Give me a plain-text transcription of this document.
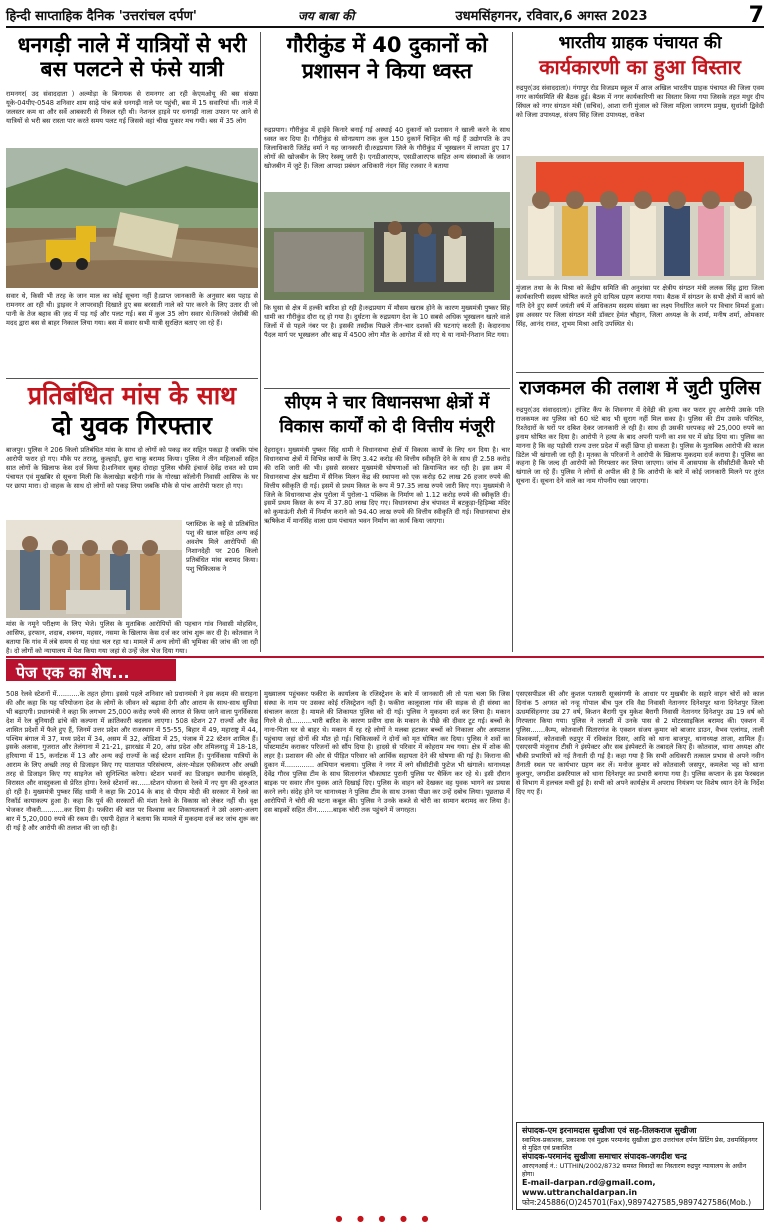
हिन्दी साप्ताहिक दैनिक 'उत्तरांचल दर्पण'	जय बाबा की	उधमसिंहगनर, रविवार,6 अगस्त 2023	7
धनगड़ी नाले में यात्रियों से भरी बस पलटने से फंसे यात्री
रामनगर( उद संवाददाता ) अल्मोड़ा के बिनायक से रामनगर आ रही केएमओयू की बस संख्या यूके-04पीए-0548 शनिवार शाम साढ़े पांच बजे धनगढ़ी नाले पर पहुंची, बस में 15 सवारियां थीं। नाले में जलस्तर कम था और सर्वे आबकारी से निकल रही थी। नेशनल हाइवे पर धनगढ़ी नाला उफान पर आने से यात्रियों से भरी बस रास्ता पार करते समय पलट गई जिससे वहां चीख पुकार मच गयी। बस में 35 लोग
सवार थे, किसी भी तरह के जान माल का कोई सूचना नहीं है।प्राप्त जानकारी के अनुसार बस पहाड़ से रामनगर आ रही थी। ड्राइवर ने लापरवाही दिखाते हुए बस बरसाती नाले को पार करने के लिए उतार दी जो पानी के तेज बहाव की ज़द में पड़ गई और पलट गई। बस में कुल 35 लोग सवार थे।जिनको जेसीबी की मदद द्वारा बस से बाहर निकाल लिया गया। बस में सवार सभी यात्री सुरक्षित बताए जा रहे हैं।
प्रतिबंधित मांस के साथ
दो युवक गिरफ्तार
बाजपुर। पुलिस ने 206 किलो प्रतिबंधित मांस के साथ दो लोगों को पकड़ कर सहित पकड़ा है जबकि पांच आरोपी फरार हो गए। मौके पर तराजू, कुल्हाड़ी, छुरा चाकू बरामद किया। पुलिस ने तीन महिलाओं सहित सात लोगों के खिलाफ केस दर्ज किया है।शनिवार सुबह दोराहा पुलिस चौकी इंचार्ज देवेंद्र रावत को ग्राम पंचायत एवं मुखबिर से सूचना मिली कि केलाखेड़ा बरहैनी गांव के गोरखा कॉलोनी निवासी आसिफ के घर पर छापा मारा। दो वाहक के साथ दो लोगों को पकड़ लिया जबकि मौके से पांच आरोपी फरार हो गए।
प्लास्टिक के कट्टे से प्रतिबंधित पशु की खाल सहित अन्य कई अवशेष मिले आरोपियों की निशानदेही पर 206 किलो प्रतिबंधित मांस बरामद किया। पशु चिकित्सक ने
मांस के नमूने परीक्षण के लिए भेजे। पुलिस के मुताबिक आरोपियों की पहचान गांव निवासी मोहसिन, आसिफ, इरफान, शदाब, शबनम, महसर, नसमा के खिलाफ केस दर्ज कर जांच शुरू कर दी है। कोतवाल ने बताया कि गांव में लंबे समय से यह धंधा चल रहा था। मामले में अन्य लोगों की भूमिका की जांच की जा रही है। दो लोगों को न्यायालय में पेश किया गया जहां से उन्हें जेल भेज दिया गया।
गौरीकुंड में 40 दुकानों को
प्रशासन ने किया ध्वस्त
रुद्रप्रयाग। गौरीकुंड में हाईवे किनारे बनाई गई अस्थाई 40 दुकानों को प्रशासन ने खाली करने के साथ ध्वस्त कर दिया है। गौरीकुंड से सोनप्रयाग तक कुल 150 दुकानें चिन्हित की गई हैं उद्योगपति के उप जिलाधिकारी जितेंद्र वर्मा ने यह जानकारी दी।रुद्रप्रयाग जिले के गौरीकुंड में भूस्खलन में लापता हुए 17 लोगों की खोजबीन के लिए रेस्क्यू जारी है। एनडीआरएफ, एसडीआरएफ सहित अन्य संस्थाओं के जवान खोजबीन में जुटे हैं। जिला आपदा प्रबंधन अधिकारी नंदन सिंह रजवार ने बताया
कि घुसा से क्षेत्र में हल्की बारिश हो रही है।रुद्रप्रयाग में मौसम खराब होने के कारण मुख्यमंत्री पुष्कर सिंह धामी का गौरीकुंड दौरा रद्द हो गया है। दुर्घटना के रुद्रप्रयाग देश के 10 सबसे अधिक भूस्खलन खतरे वाले जिलों में से पहले नंबर पर है। इसकी तस्दीक पिछले तीन-चार दशकों की घटनाएं करती हैं। केदारनाथ पैदल मार्ग पर भूस्खलन और बाढ़ में 4500 लोग मौत के आगोश में सो गए थे या नामो-निशान मिट गया।
सीएम ने चार विधानसभा क्षेत्रों में
विकास कार्यों को दी वित्तीय मंजूरी
देहरादून। मुख्यमंत्री पुष्कर सिंह धामी ने विधानसभा क्षेत्रों में विकास कार्यों के लिए धन दिया है। चार विधानसभा क्षेत्रों में विभिन्न कार्यों के लिए 3.42 करोड़ की वित्तीय स्वीकृति देने के साथ ही 2.58 करोड़ की राशि जारी की भी। इससे सरकार मुख्यमंत्री घोषणाओं को क्रियान्वित कर रही है। इस क्रम में विधानसभा क्षेत्र खटीमा में सैनिक मिलन केंद्र की स्थापना को एक करोड़ 62 लाख 26 हजार रुपये की वित्तीय स्वीकृति दी गई। इसमें से प्रथम किस्त के रूप में 97.35 लाख रुपये जारी किए गए। मुख्यमंत्री ने जिले के विधानसभा क्षेत्र पुरोला में पुरोला-1 पब्लिक के निर्माण को 1.12 करोड़ रुपये की स्वीकृति दी। इसमें प्रथम किस्त के रूप में 37.80 लाख दिए गए। विधानसभा क्षेत्र चंपावत में बटकुड़ा-हिड़िम्बा मंदिर को कुमाऊंनी शैली में निर्माण कराने को 94.40 लाख रुपये की वित्तीय स्वीकृति दी गई। विधानसभा क्षेत्र ऋषिकेश में मानसिंह वाला ग्राम पंचायत भवन निर्माण का कार्य किया जाएगा।
भारतीय ग्राहक पंचायत की
कार्यकारणी का हुआ विस्तार
रुद्रपुर(उद संवाददाता)। गंगापुर रोड विजडम स्कूल में आज अखिल भारतीय ग्राहक पंचायत की जिला एवम नगर कार्यसमिति की बैठक हुई। बैठक में नगर कार्यकारिणी का विस्तार किया गया जिसके तहत मधुर दीप सिंघल को नगर संगठन मंत्री (सचिव), आशा रानी मुंजाल को जिला महिला जागरण प्रमुख, सुधांशी द्विवेदी को जिला उपाध्यक्ष, संजय सिंह जिला उपाध्यक्ष, राकेश
मुंजाल तथा के के मिश्रा को केंद्रीय समिति की अनुशंसा पर क्षेत्रीय संगठन मंत्री ललक सिंह द्वारा जिला कार्यकारिणी सदस्य घोषित करते हुये दायित्व ग्रहण कराया गया। बैठक में संगठन के सभी क्षेत्रों में कार्य को गति देने हुए स्वर्ण जयंती वर्ष में अधिकतम सदस्य संख्या का लक्ष्य निर्धारित करने पर विचार विमर्श हुआ। इस अवसर पर जिला संगठन मंत्री डॉक्टर हेमंत चौहान, जिला अध्यक्ष के के शर्मा, मनीष शर्मा, ओमकार सिंह, आनंद रावत, शुभम मिश्रा आदि उपस्थित थे।
राजकमल की तलाश में जुटी पुलिस
रुद्रपुर(उद संवाददाता)। ट्रांजिट कैंप के शिवनगर में देवेंद्री की हत्या कर फरार हुए आरोपी उसके पति राजकमल का पुलिस को 60 घंटे बाद भी सुराग नहीं मिल सका है। पुलिस की टीम उसके परिचित, रिश्तेदारों के घरों पर दबिश देकर जानकारी ले रही है। साथ ही उसकी धरपकड़ को 25,000 रुपये का इनाम घोषित कर दिया है। आरोपी ने हत्या के बाद अपनी पत्नी का शव घर में छोड़ दिया था। पुलिस का मानना है कि वह पड़ोसी राज्य उत्तर प्रदेश में कहीं छिपा हो सकता है। पुलिस के मुताबिक आरोपी की काल डिटेल भी खंगाली जा रही है। मृतका के परिजनों ने आरोपी के खिलाफ मुकदमा दर्ज कराया है। पुलिस का कहना है कि जल्द ही आरोपी को गिरफ्तार कर लिया जाएगा। जांच में आसपास के सीसीटीवी कैमरे भी खंगाले जा रहे हैं। पुलिस ने लोगों से अपील की है कि आरोपी के बारे में कोई जानकारी मिलने पर तुरंत सूचना दें। सूचना देने वाले का नाम गोपनीय रखा जाएगा।
पेज एक का शेष...
508 रेलवे स्टेशनों में...........के तहत होगा। इससे पहले शनिवार को प्रधानमंत्री ने इस कदम की सराहना की और कहा कि यह परियोजना देश के लोगों के जीवन को बढ़ावा देगी और आराम के साथ-साथ सुविधा भी बढ़ाएगी। प्रधानमंत्री ने कहा कि लगभग 25,000 करोड़ रुपये की लागत से किया जाने वाला पुनर्विकास देश में रेल बुनियादी ढांचे की कल्पना में क्रांतिकारी बदलाव लाएगा। 508 स्टेशन 27 राज्यों और केंद्र शासित प्रदेशों में फैले हुए हैं, जिनमें उत्तर प्रदेश और राजस्थान में 55-55, बिहार में 49, महाराष्ट्र में 44, पश्चिम बंगाल में 37, मध्य प्रदेश में 34, असम में 32, ओडिशा में 25, पंजाब में 22 स्टेशन शामिल हैं। इसके अलावा, गुजरात और तेलंगाना में 21-21, झारखंड में 20, आंध्र प्रदेश और तमिलनाडु में 18-18, हरियाणा में 15, कर्नाटक में 13 और अन्य कई राज्यों के कई स्टेशन शामिल हैं। पुनर्विकास यात्रियों के आराम के लिए अच्छी तरह से डिजाइन किए गए यातायात परिसंचरण, अंतर-मोडल एकीकरण और अच्छी तरह से डिजाइन किए गए साइनेज को सुनिश्चित करेगा। स्टेशन भवनों का डिजाइन स्थानीय संस्कृति, विरासत और वास्तुकला से प्रेरित होगा। रेलवे स्टेशनों का......स्टेशन योजना से रेलवे में नए युग की शुरुआत हो रही है। मुख्यमंत्री पुष्कर सिंह धामी ने कहा कि 2014 के बाद से पीएम मोदी की सरकार में रेलवे का रिकॉर्ड कायाकल्प हुआ है। कहा कि पूर्व की सरकारों की मंशा रेलवे के विकास को लेकर नहीं थी। वृक्ष भेजकर नौकरी...........कर दिया है। फकीरा की बात पर विश्वास कर शिकायतकर्ता ने उसे अलग-अलग बार में 5,20,000 रुपये की रकम दी। एसपी देहात ने बताया कि मामले में मुकदमा दर्ज कर जांच शुरू कर दी गई है और आरोपी की तलाश की जा रही है।
मुख्यालय पहुंचकर फकीरा के कार्यालय के रजिस्ट्रेशन के बारे में जानकारी ली तो पता चला कि जिस संस्था के नाम पर उसका कोई रजिस्ट्रेशन नहीं है। फकीरा कालूवाला गांव की सड़क से ही संस्था का संचालन करता है। मामले की शिकायत पुलिस को दी गई। पुलिस ने मुकदमा दर्ज कर लिया है। मकान गिरने से दो..........भारी बारिश के कारण प्रवीण दास के मकान के पीछे की दीवार टूट गई। बच्चों के नाना-पिता घर से बाहर थे। मकान में रह रहे लोगों ने मलबा हटाकर बच्चों को निकाला और अस्पताल पहुंचाया जहां दोनों की मौत हो गई। चिकित्सकों ने दोनों को मृत घोषित कर दिया। पुलिस ने शवों का पोस्टमार्टम कराकर परिजनों को सौंप दिया है। हादसे से परिवार में कोहराम मच गया। क्षेत्र में शोक की लहर है। प्रशासन की ओर से पीड़ित परिवार को आर्थिक सहायता देने की घोषणा की गई है। किराना की दुकान में.............. अभियान चलाया। पुलिस ने नगर में लगे सीसीटीवी फुटेज भी खंगाले। थानाध्यक्ष देवेंद्र गौरव पुलिस टीम के साथ सितारगंज चौकाघाट पुरानी पुलिस पर चैकिंग कर रहे थे। इसी दौरान बाइक पर सवार तीन युवक आते दिखाई दिए। पुलिस के वाहन को देखकर वह युवक भागने का प्रयास करने लगे। संदेह होने पर थानाध्यक्ष ने पुलिस टीम के साथ उनका पीछा कर उन्हें दबोच लिया। पूछताछ में आरोपियों ने चोरी की घटना कबूल की। पुलिस ने उनके कब्जे से चोरी का सामान बरामद कर लिया है। दस बाइकों सहित तीन........बाइक चोरी तक पहुंचने में जगरहत।
एसएसपीडल की और कुशल पतासरी सूत्रसंगणी के आधार पर मुखबीर के सहारे वाहन चोरों को काल दिनांक 5 अगस्त को नन्हू गोपाल बीच पुल रवि वैद्य निवासी नेतानगर दिनेशपुर थाना दिनेशपुर जिला ऊधमसिंहनगर उम्र 27 वर्ष, किशन बैरागी पुत्र मुकेश बैरागी निवासी नेतानगर दिनेशपुर उम्र 19 वर्ष को गिरफ्तार किया गया। पुलिस ने तलाशी में उनके पास से 2 मोटरसाइकिल बरामद की। एक्शन में पुलिस.......कैम्प, कोतवाली सितारगंज के एक्शन संजय कुमार को बाजार डाउन, वैभव एलांगड, ताली विश्वकर्मा, कोतवाली रुद्रपुर में रविकांत दिसर, आदि को थाना बाजपुर, थानाध्यक्ष ताजा, शामिल हैं। एसएसपी मंजूनाथ टीसी ने इंस्पेक्टर और सब इंस्पेक्टरों के तबादले किए हैं। कोतवाल, थाना अध्यक्ष और चौकी प्रभारियों को नई तैनाती दी गई है। कहा गया है कि सभी अधिकारी तत्काल प्रभाव से अपने नवीन तैनाती स्थल पर कार्यभार ग्रहण कर लें। मनोज कुमार को कोतवाली जसपुर, कमलेश भट्ट को थाना कुलपुर, जगदीश ढकरियाल को थाना दिनेशपुर का प्रभारी बनाया गया है। पुलिस कप्तान के इस फेरबदल से विभाग में हलचल मची हुई है। सभी को अपने कार्यक्षेत्र में अपराध नियंत्रण पर विशेष ध्यान देने के निर्देश दिए गए हैं।
संपादक-एम इरनामदास सुखीजा एवं सह-तिलकराज सुखीजा
स्वामित्व-प्रकाशक, प्रकाशक एवं मुद्रक परमानंद सुखीजा द्वारा उत्तरांचल दर्पण प्रिंटिंग प्रेस, उधमसिंहनगर से मुद्रित एवं प्रकाशित
संपादक-परमानंद सुखीजा समाचार संपादक-जगदीश चन्द्र
आरएनआई नं.: UTTHIN/2002/8732 समस्त विवादों का निस्तारण रुद्रपुर न्यायालय के अधीन होगा।
E-mail-darpan.rd@gmail.com, www.uttranchaldarpan.in
फोन:245886(O)245701(Fax),9897427585,9897427586(Mob.)
● ● ● ● ●
